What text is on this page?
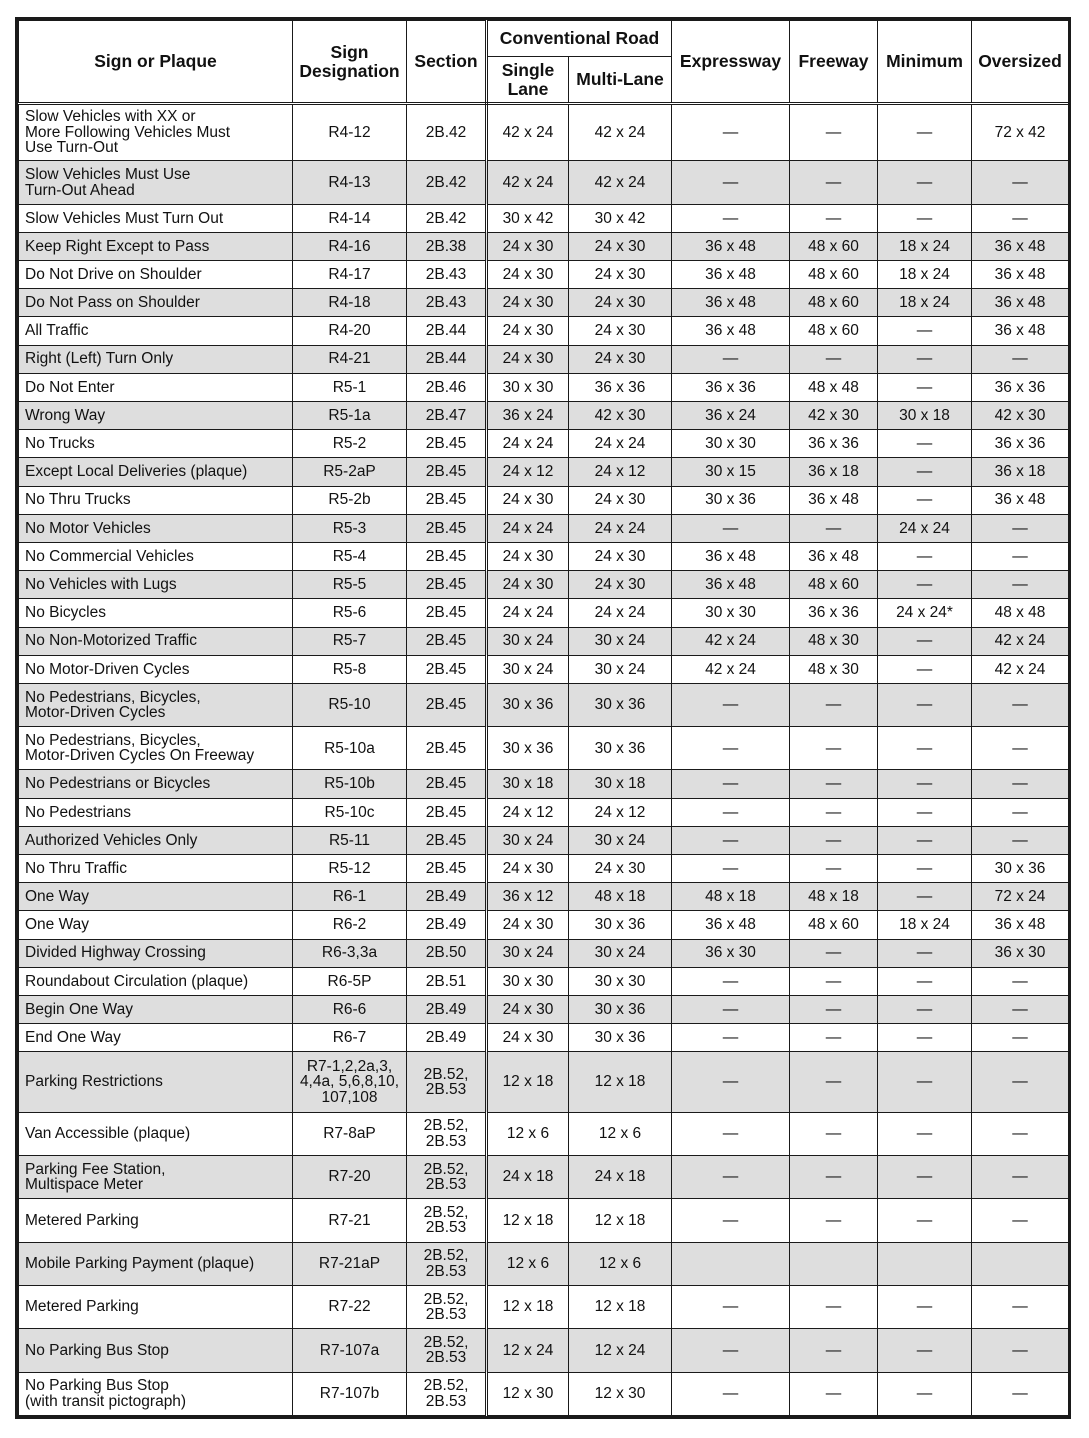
Sign or Plaque	Sign Designation	Section	Conventional Road		Expressway	Freeway	Minimum	Oversized
			Single Lane	Multi-Lane				
Slow Vehicles with XX or
More Following Vehicles Must
Use Turn-Out	R4-12	2B.42	42 x 24	42 x 24	—	—	—	72 x 42
Slow Vehicles Must Use
Turn-Out Ahead	R4-13	2B.42	42 x 24	42 x 24	—	—	—	—
Slow Vehicles Must Turn Out	R4-14	2B.42	30 x 42	30 x 42	—	—	—	—
Keep Right Except to Pass	R4-16	2B.38	24 x 30	24 x 30	36 x 48	48 x 60	18 x 24	36 x 48
Do Not Drive on Shoulder	R4-17	2B.43	24 x 30	24 x 30	36 x 48	48 x 60	18 x 24	36 x 48
Do Not Pass on Shoulder	R4-18	2B.43	24 x 30	24 x 30	36 x 48	48 x 60	18 x 24	36 x 48
All Traffic	R4-20	2B.44	24 x 30	24 x 30	36 x 48	48 x 60	—	36 x 48
Right (Left) Turn Only	R4-21	2B.44	24 x 30	24 x 30	—	—	—	—
Do Not Enter	R5-1	2B.46	30 x 30	36 x 36	36 x 36	48 x 48	—	36 x 36
Wrong Way	R5-1a	2B.47	36 x 24	42 x 30	36 x 24	42 x 30	30 x 18	42 x 30
No Trucks	R5-2	2B.45	24 x 24	24 x 24	30 x 30	36 x 36	—	36 x 36
Except Local Deliveries (plaque)	R5-2aP	2B.45	24 x 12	24 x 12	30 x 15	36 x 18	—	36 x 18
No Thru Trucks	R5-2b	2B.45	24 x 30	24 x 30	30 x 36	36 x 48	—	36 x 48
No Motor Vehicles	R5-3	2B.45	24 x 24	24 x 24	—	—	24 x 24	—
No Commercial Vehicles	R5-4	2B.45	24 x 30	24 x 30	36 x 48	36 x 48	—	—
No Vehicles with Lugs	R5-5	2B.45	24 x 30	24 x 30	36 x 48	48 x 60	—	—
No Bicycles	R5-6	2B.45	24 x 24	24 x 24	30 x 30	36 x 36	24 x 24*	48 x 48
No Non-Motorized Traffic	R5-7	2B.45	30 x 24	30 x 24	42 x 24	48 x 30	—	42 x 24
No Motor-Driven Cycles	R5-8	2B.45	30 x 24	30 x 24	42 x 24	48 x 30	—	42 x 24
No Pedestrians, Bicycles,
Motor-Driven Cycles	R5-10	2B.45	30 x 36	30 x 36	—	—	—	—
No Pedestrians, Bicycles,
Motor-Driven Cycles On Freeway	R5-10a	2B.45	30 x 36	30 x 36	—	—	—	—
No Pedestrians or Bicycles	R5-10b	2B.45	30 x 18	30 x 18	—	—	—	—
No Pedestrians	R5-10c	2B.45	24 x 12	24 x 12	—	—	—	—
Authorized Vehicles Only	R5-11	2B.45	30 x 24	30 x 24	—	—	—	—
No Thru Traffic	R5-12	2B.45	24 x 30	24 x 30	—	—	—	30 x 36
One Way	R6-1	2B.49	36 x 12	48 x 18	48 x 18	48 x 18	—	72 x 24
One Way	R6-2	2B.49	24 x 30	30 x 36	36 x 48	48 x 60	18 x 24	36 x 48
Divided Highway Crossing	R6-3,3a	2B.50	30 x 24	30 x 24	36 x 30	—	—	36 x 30
Roundabout Circulation (plaque)	R6-5P	2B.51	30 x 30	30 x 30	—	—	—	—
Begin One Way	R6-6	2B.49	24 x 30	30 x 36	—	—	—	—
End One Way	R6-7	2B.49	24 x 30	30 x 36	—	—	—	—
Parking Restrictions	R7-1,2,2a,3,
4,4a, 5,6,8,10,
107,108	2B.52,
2B.53	12 x 18	12 x 18	—	—	—	—
Van Accessible (plaque)	R7-8aP	2B.52,
2B.53	12 x 6	12 x 6	—	—	—	—
Parking Fee Station,
Multispace Meter	R7-20	2B.52,
2B.53	24 x 18	24 x 18	—	—	—	—
Metered Parking	R7-21	2B.52,
2B.53	12 x 18	12 x 18	—	—	—	—
Mobile Parking Payment (plaque)	R7-21aP	2B.52,
2B.53	12 x 6	12 x 6				
Metered Parking	R7-22	2B.52,
2B.53	12 x 18	12 x 18	—	—	—	—
No Parking Bus Stop	R7-107a	2B.52,
2B.53	12 x 24	12 x 24	—	—	—	—
No Parking Bus Stop
(with transit pictograph)	R7-107b	2B.52,
2B.53	12 x 30	12 x 30	—	—	—	—
